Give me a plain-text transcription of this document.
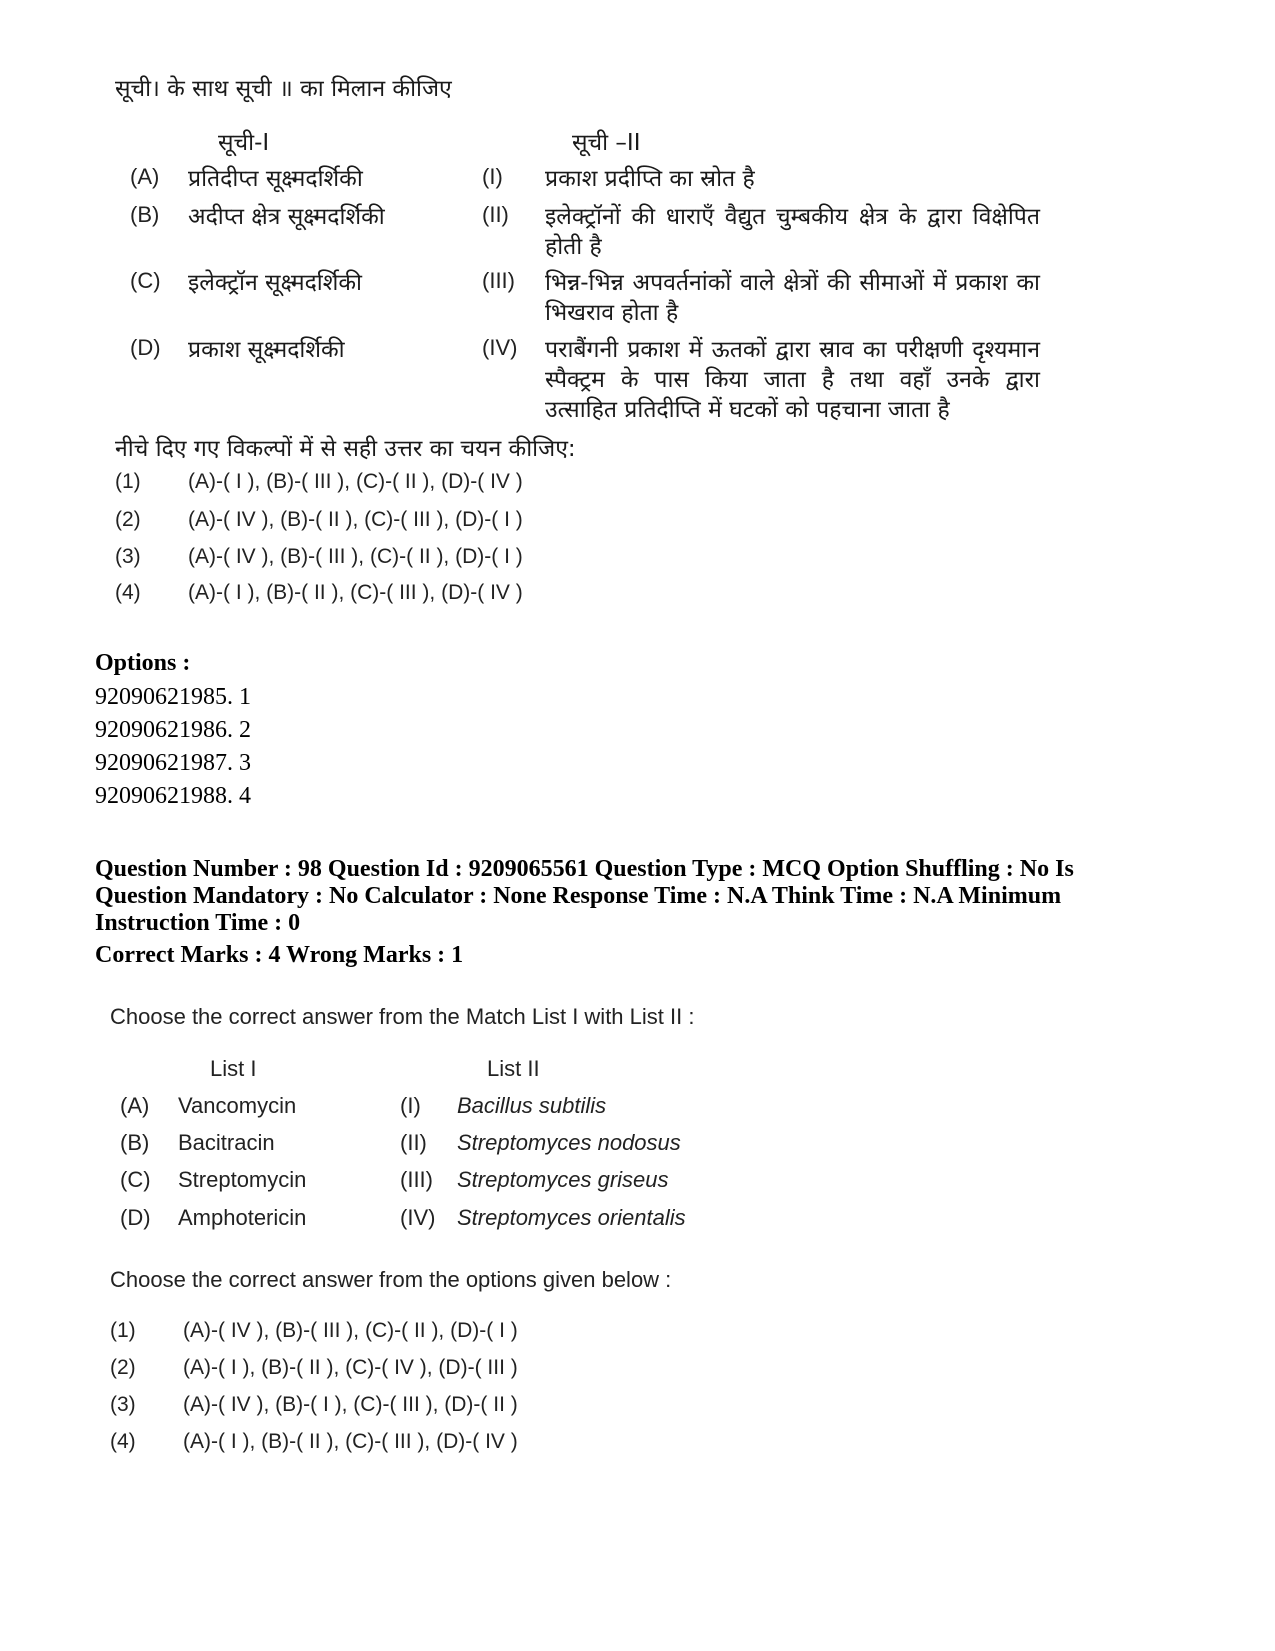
सूची। के साथ सूची ॥ का मिलान कीजिए
सूची-I	सूची –II
(A) प्रतिदीप्त सूक्ष्मदर्शिकी	(I) प्रकाश प्रदीप्ति का स्रोत है
(B) अदीप्त क्षेत्र सूक्ष्मदर्शिकी	(II) इलेक्ट्रॉनों की धाराएँ वैद्युत चुम्बकीय क्षेत्र के द्वारा विक्षेपित होती है
(C) इलेक्ट्रॉन सूक्ष्मदर्शिकी	(III) भिन्न-भिन्न अपवर्तनांकों वाले क्षेत्रों की सीमाओं में प्रकाश का भिखराव होता है
(D) प्रकाश सूक्ष्मदर्शिकी	(IV) पराबैंगनी प्रकाश में ऊतकों द्वारा स्राव का परीक्षणी दृश्यमान स्पैक्ट्रम के पास किया जाता है तथा वहाँ उनके द्वारा उत्साहित प्रतिदीप्ति में घटकों को पहचाना जाता है
नीचे दिए गए विकल्पों में से सही उत्तर का चयन कीजिए:
(1) (A)-( I ), (B)-( III ), (C)-( II ), (D)-( IV )
(2) (A)-( IV ), (B)-( II ), (C)-( III ), (D)-( I )
(3) (A)-( IV ), (B)-( III ), (C)-( II ), (D)-( I )
(4) (A)-( I ), (B)-( II ), (C)-( III ), (D)-( IV )
Options :
92090621985. 1
92090621986. 2
92090621987. 3
92090621988. 4
Question Number : 98 Question Id : 9209065561 Question Type : MCQ Option Shuffling : No Is
Question Mandatory : No Calculator : None Response Time : N.A Think Time : N.A Minimum
Instruction Time : 0
Correct Marks : 4 Wrong Marks : 1
Choose the correct answer from the Match List I with List II :
List I	List II
(A) Vancomycin	(I) Bacillus subtilis
(B) Bacitracin	(II) Streptomyces nodosus
(C) Streptomycin	(III) Streptomyces griseus
(D) Amphotericin	(IV) Streptomyces orientalis
Choose the correct answer from the options given below :
(1) (A)-( IV ), (B)-( III ), (C)-( II ), (D)-( I )
(2) (A)-( I ), (B)-( II ), (C)-( IV ), (D)-( III )
(3) (A)-( IV ), (B)-( I ), (C)-( III ), (D)-( II )
(4) (A)-( I ), (B)-( II ), (C)-( III ), (D)-( IV )
